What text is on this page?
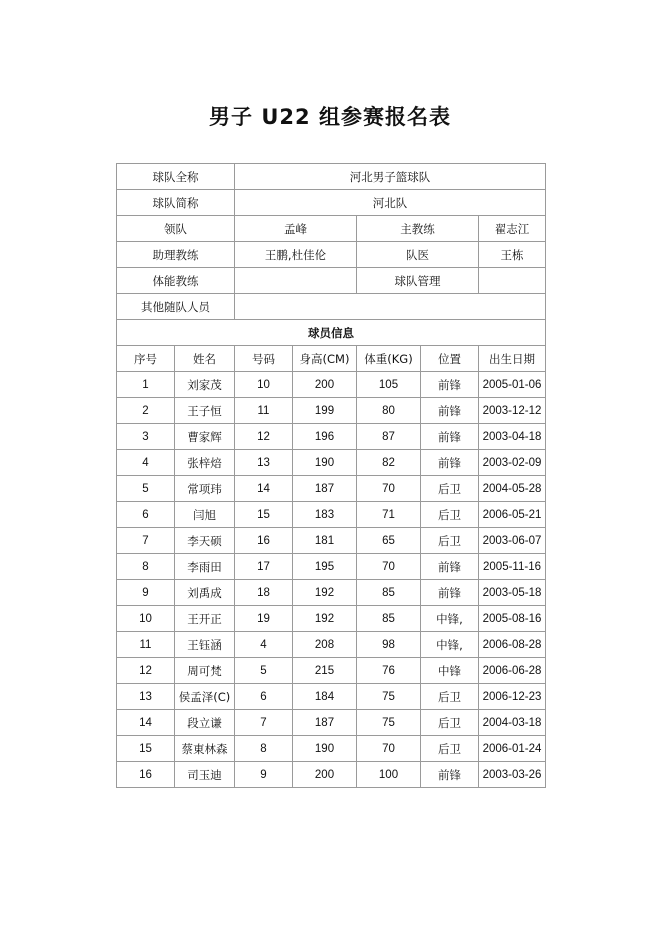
男子 U22 组参赛报名表
球队全称		河北男子篮球队				
球队简称		河北队				
领队		孟峰		主教练		翟志江
助理教练		王鹏,杜佳伦		队医		王栋
体能教练				球队管理		
其他随队人员						
球员信息						
序号	姓名	号码	身高(CM)	体重(KG)	位置	出生日期
1	刘家茂	10	200	105	前锋	2005-01-06
2	王子恒	11	199	80	前锋	2003-12-12
3	曹家辉	12	196	87	前锋	2003-04-18
4	张梓焙	13	190	82	前锋	2003-02-09
5	常项玮	14	187	70	后卫	2004-05-28
6	闫旭	15	183	71	后卫	2006-05-21
7	李天硕	16	181	65	后卫	2003-06-07
8	李雨田	17	195	70	前锋	2005-11-16
9	刘禹成	18	192	85	前锋	2003-05-18
10	王开正	19	192	85	中锋,	2005-08-16
11	王钰涵	4	208	98	中锋,	2006-08-28
12	周可梵	5	215	76	中锋	2006-06-28
13	侯孟泽(C)	6	184	75	后卫	2006-12-23
14	段立谦	7	187	75	后卫	2004-03-18
15	蔡東林森	8	190	70	后卫	2006-01-24
16	司玉迪	9	200	100	前锋	2003-03-26
